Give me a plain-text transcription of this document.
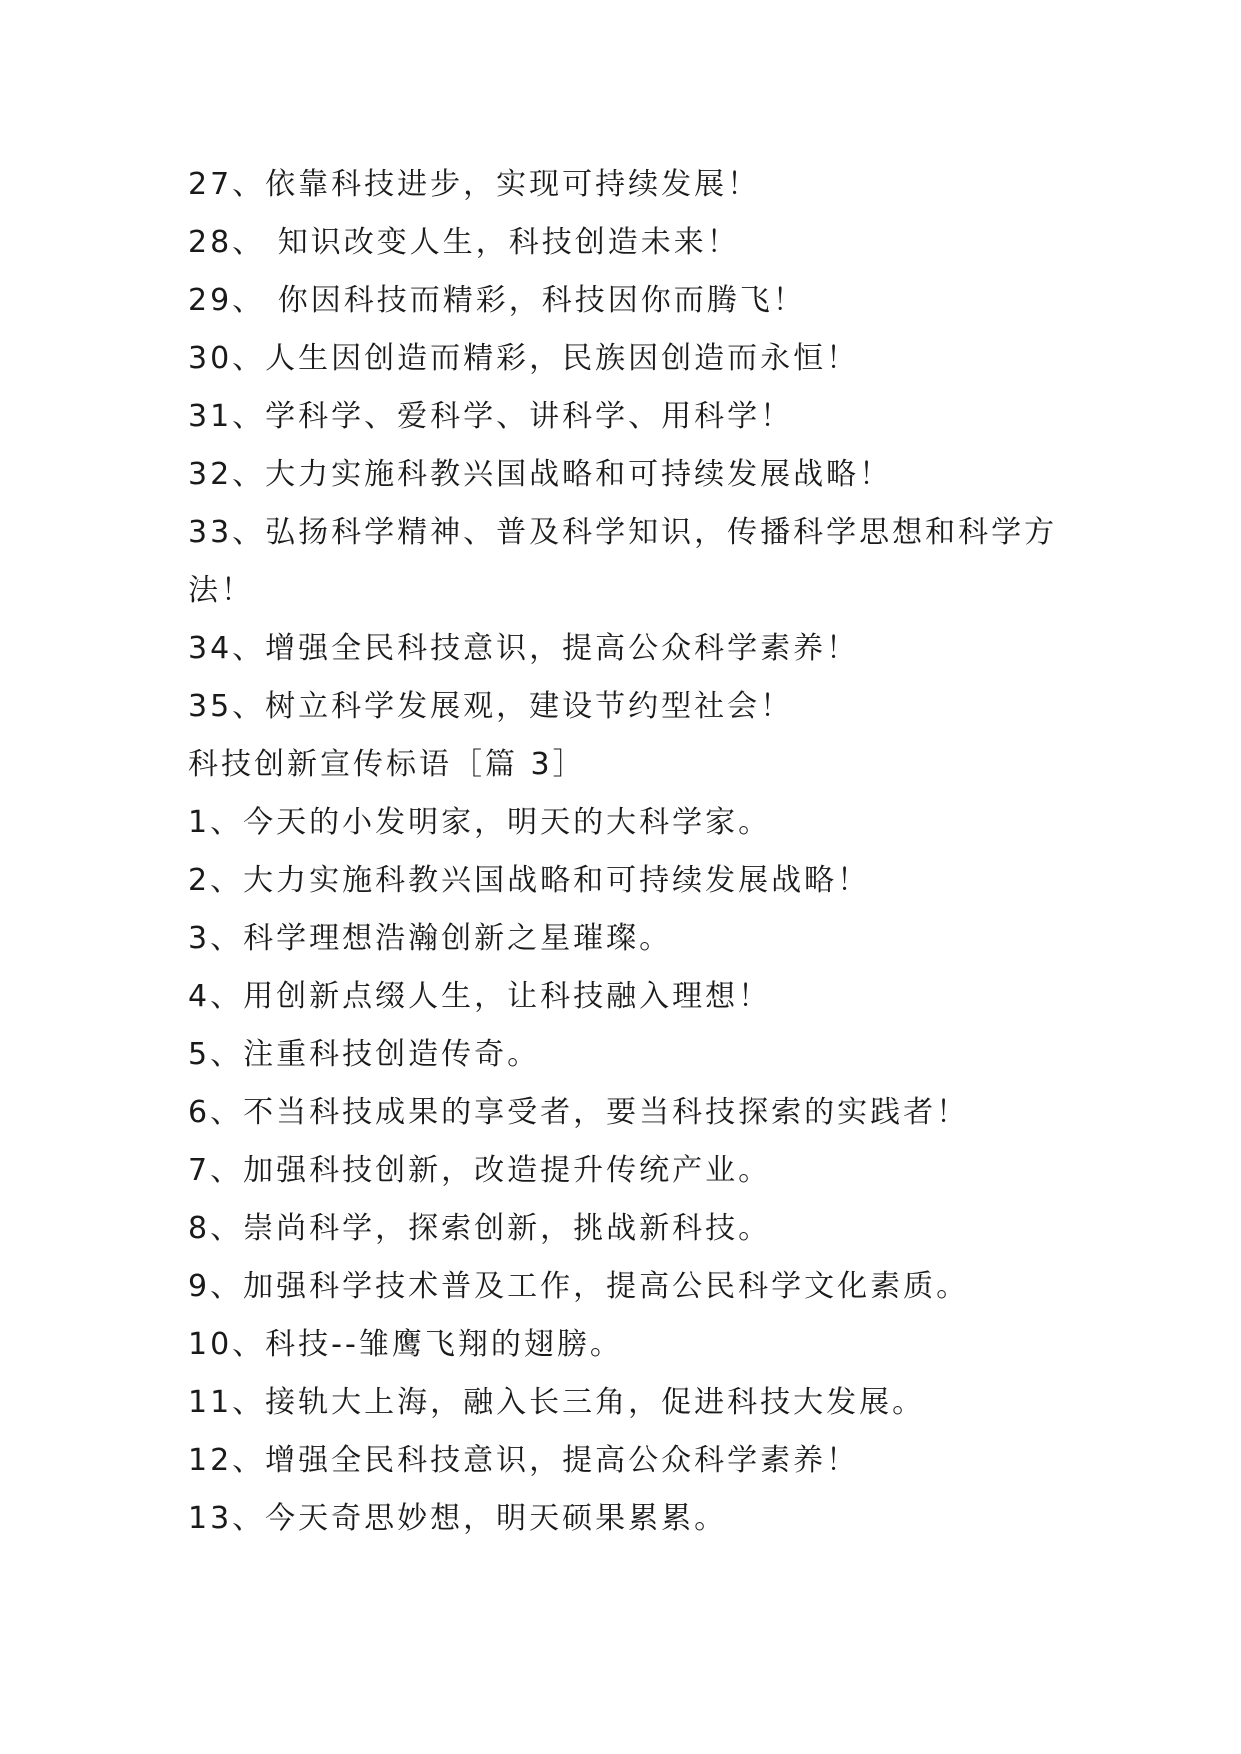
27、依靠科技进步，实现可持续发展！
28、 知识改变人生，科技创造未来！
29、 你因科技而精彩，科技因你而腾飞！
30、人生因创造而精彩，民族因创造而永恒！
31、学科学、爱科学、讲科学、用科学！
32、大力实施科教兴国战略和可持续发展战略！
33、弘扬科学精神、普及科学知识，传播科学思想和科学方
法！
34、增强全民科技意识，提高公众科学素养！
35、树立科学发展观，建设节约型社会！
科技创新宣传标语［篇 3］
1、今天的小发明家，明天的大科学家。
2、大力实施科教兴国战略和可持续发展战略！
3、科学理想浩瀚创新之星璀璨。
4、用创新点缀人生，让科技融入理想！
5、注重科技创造传奇。
6、不当科技成果的享受者，要当科技探索的实践者！
7、加强科技创新，改造提升传统产业。
8、崇尚科学，探索创新，挑战新科技。
9、加强科学技术普及工作，提高公民科学文化素质。
10、科技--雏鹰飞翔的翅膀。
11、接轨大上海，融入长三角，促进科技大发展。
12、增强全民科技意识，提高公众科学素养！
13、今天奇思妙想，明天硕果累累。
